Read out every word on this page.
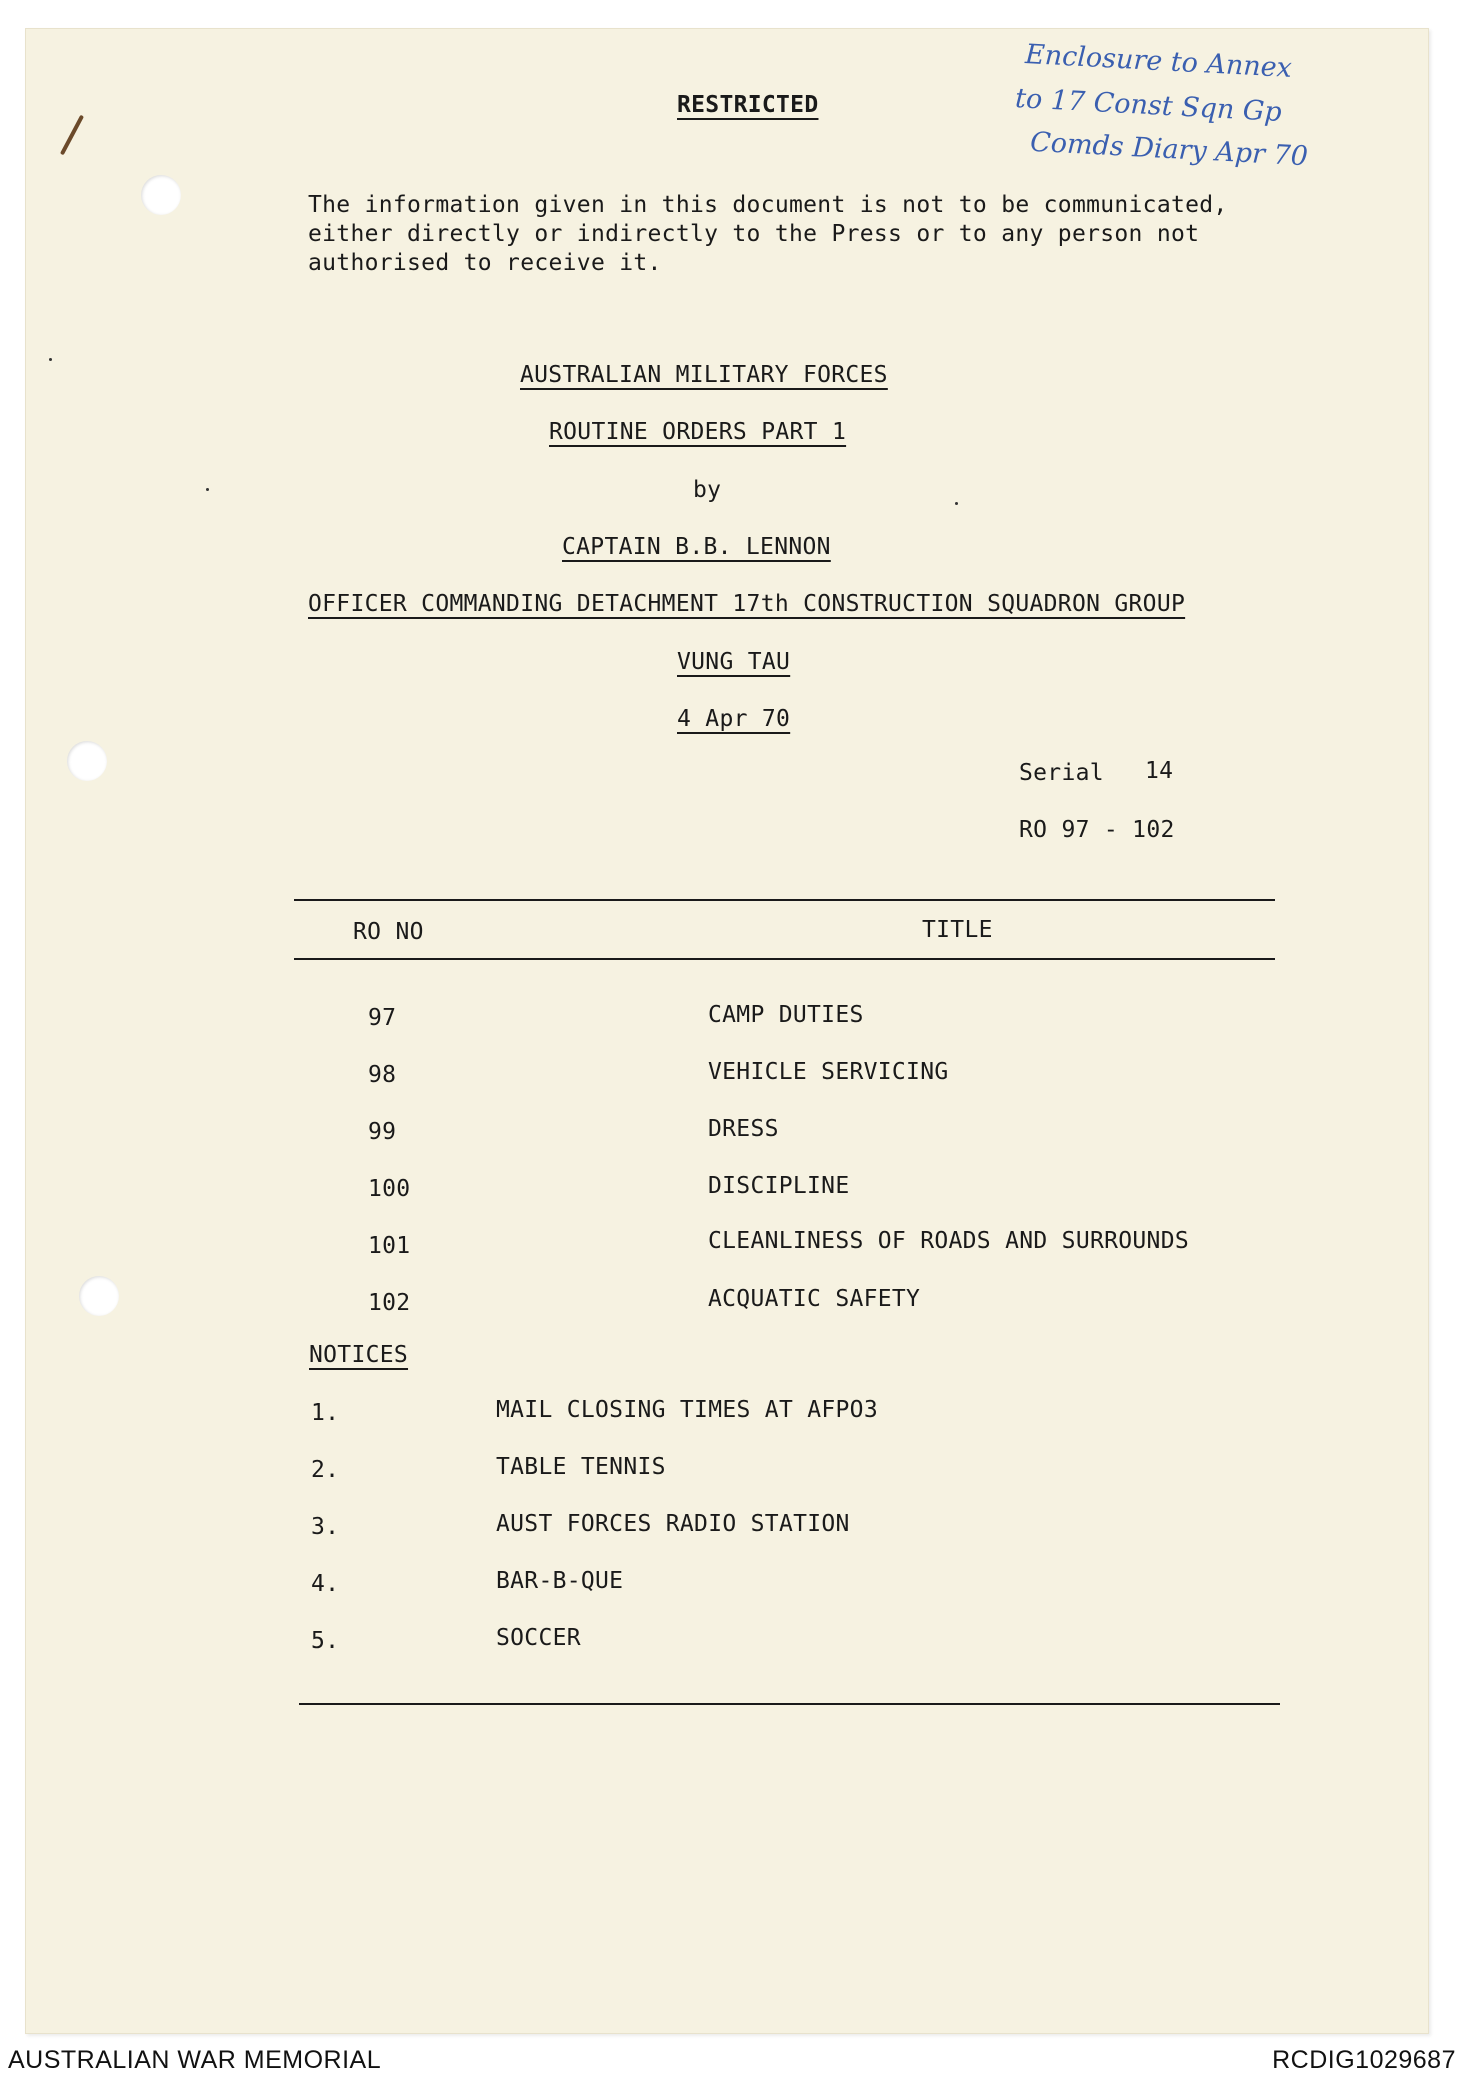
Enclosure to Annex
to 17 Const Sqn Gp
Comds Diary Apr 70
RESTRICTED
The information given in this document is not to be communicated,
either directly or indirectly to the Press or to any person not
authorised to receive it.
AUSTRALIAN MILITARY FORCES
ROUTINE ORDERS PART 1
by
CAPTAIN B.B. LENNON
OFFICER COMMANDING DETACHMENT 17th CONSTRUCTION SQUADRON GROUP
VUNG TAU
4 Apr 70
Serial 14
RO 97 - 102
RO NO	TITLE
97	CAMP DUTIES
98	VEHICLE SERVICING
99	DRESS
100	DISCIPLINE
101	CLEANLINESS OF ROADS AND SURROUNDS
102	ACQUATIC SAFETY
NOTICES
1.	MAIL CLOSING TIMES AT AFPO3
2.	TABLE TENNIS
3.	AUST FORCES RADIO STATION
4.	BAR-B-QUE
5.	SOCCER
AUSTRALIAN WAR MEMORIAL	RCDIG1029687
